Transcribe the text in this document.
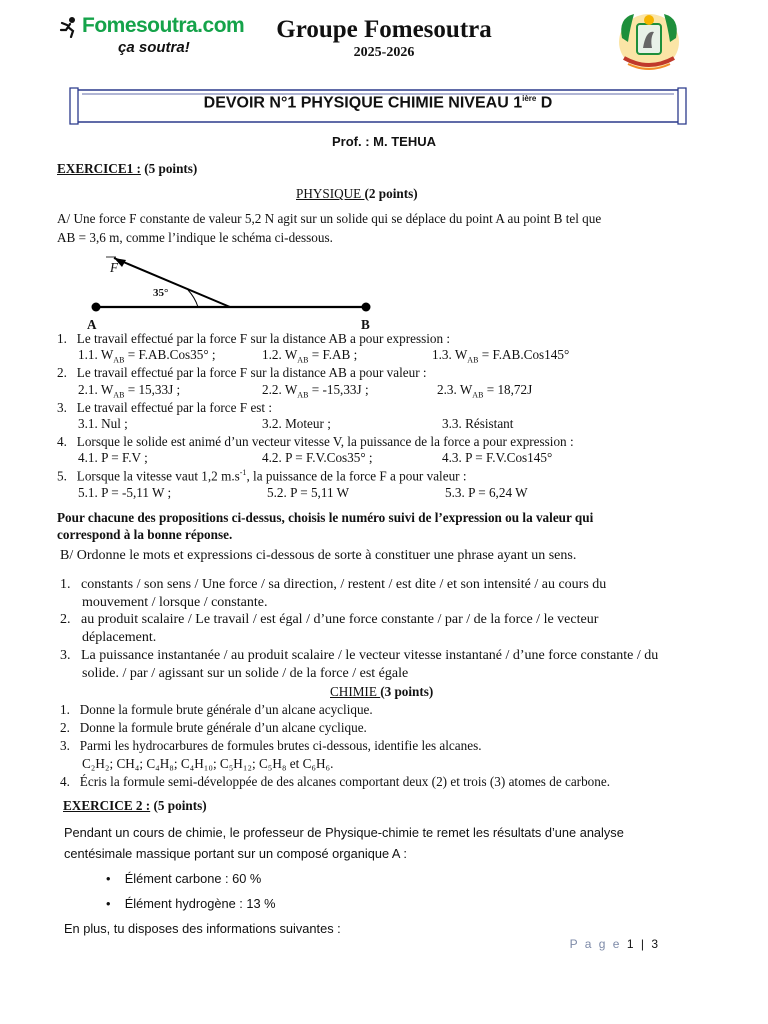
Fomesoutra.com
ça soutra!
Groupe Fomesoutra
2025-2026
DEVOIR N°1 PHYSIQUE CHIMIE NIVEAU $1^{ière}$ D
Prof. : M. TEHUA
EXERCICE1 : (5 points)
PHYSIQUE (2 points)
A/ Une force F constante de valeur 5,2 N agit sur un solide qui se déplace du point A au point B tel que
AB = 3,6 m, comme l’indique le schéma ci-dessous.
F
35°
A	B
1.   Le travail effectué par la force F sur la distance AB a pour expression :
1.1. $W_{AB} = F.AB.Cos35^\circ$ ;	1.2. $W_{AB} = F.AB$ ;	1.3. $W_{AB} = F.AB.Cos145^\circ$
2.   Le travail effectué par la force F sur la distance AB a pour valeur :
2.1. $W_{AB} = 15,33J$ ;	2.2. $W_{AB} = -15,33J$ ;	2.3. $W_{AB} = 18,72J$
3.   Le travail effectué par la force F est :
3.1. Nul ;	3.2. Moteur ;	3.3. Résistant
4.   Lorsque le solide est animé d’un vecteur vitesse V, la puissance de la force a pour expression :
4.1. P = F.V ;	4.2. P = F.V.Cos35° ;	4.3. P = F.V.Cos145°
5.   Lorsque la vitesse vaut 1,2 $m.s^{-1}$, la puissance de la force F a pour valeur :
5.1. P = -5,11 W ;	5.2. P = 5,11 W	5.3. P = 6,24 W
Pour chacune des propositions ci-dessus, choisis le numéro suivi de l’expression ou la valeur qui
correspond à la bonne réponse.
B/ Ordonne le mots et expressions ci-dessous de sorte à constituer une phrase ayant un sens.
1.   constants / son sens / Une force / sa direction, / restent / est dite / et son intensité / au cours du
mouvement / lorsque / constante.
2.   au produit scalaire / Le travail / est égal / d’une force constante / par / de la force / le vecteur
déplacement.
3.   La puissance instantanée / au produit scalaire / le vecteur vitesse instantané / d’une force constante / du
solide. / par / agissant sur un solide / de la force / est égale
CHIMIE (3 points)
1.   Donne la formule brute générale d’un alcane acyclique.
2.   Donne la formule brute générale d’un alcane cyclique.
3.   Parmi les hydrocarbures de formules brutes ci-dessous, identifie les alcanes.
C₂H₂; CH₄; C₄H₈; C₄H₁₀; C₅H₁₂; C₅H₈ et C₆H₆.
4.   Écris la formule semi-développée de des alcanes comportant deux (2) et trois (3) atomes de carbone.
EXERCICE 2 : (5 points)
Pendant un cours de chimie, le professeur de Physique-chimie te remet les résultats d’une analyse
centésimale massique portant sur un composé organique A :
•    Élément carbone : 60 %
•    Élément hydrogène : 13 %
En plus, tu disposes des informations suivantes :
P a g e 1 | 3
